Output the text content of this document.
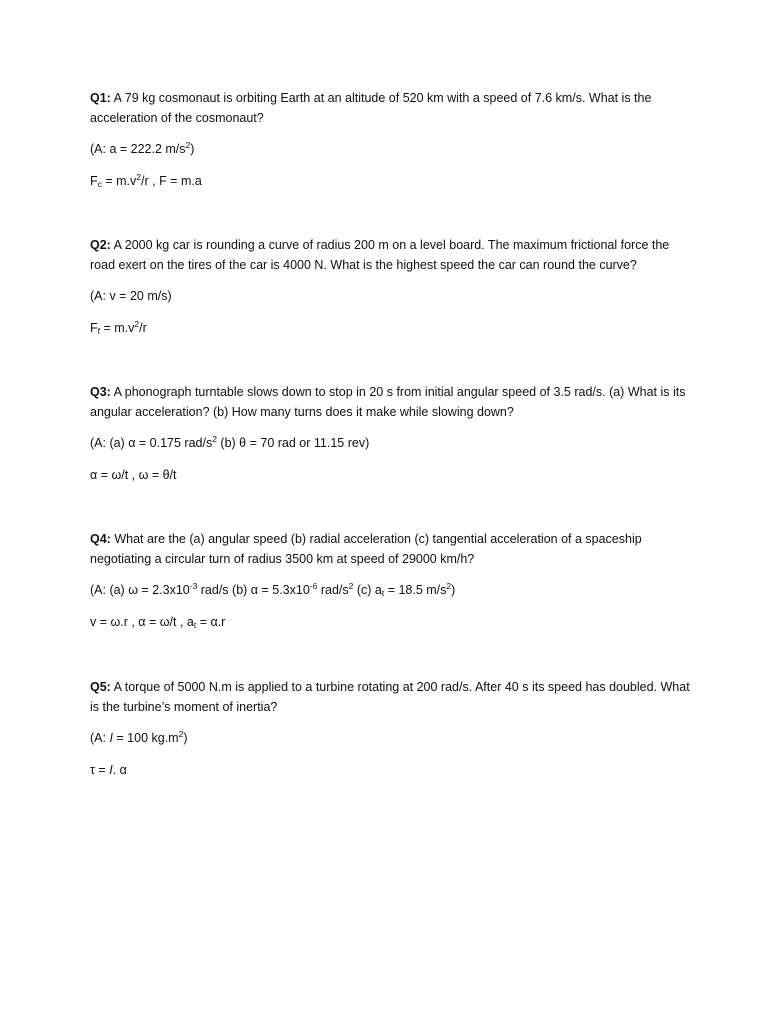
Q1: A 79 kg cosmonaut is orbiting Earth at an altitude of 520 km with a speed of 7.6 km/s. What is the acceleration of the cosmonaut?

(A: a = 222.2 $m/s^2$)

$F_c = m.v^2/r$ , F = m.a

Q2: A 2000 kg car is rounding a curve of radius 200 m on a level board. The maximum frictional force the road exert on the tires of the car is 4000 N. What is the highest speed the car can round the curve?

(A: v = 20 m/s)

$F_f = m.v^2/r$

Q3: A phonograph turntable slows down to stop in 20 s from initial angular speed of 3.5 rad/s. (a) What is its angular acceleration? (b) How many turns does it make while slowing down?

(A: (a) α = 0.175 rad/$s^2$ (b) θ = 70 rad or 11.15 rev)

α = ω/t , ω = θ/t

Q4: What are the (a) angular speed (b) radial acceleration (c) tangential acceleration of a spaceship negotiating a circular turn of radius 3500 km at speed of 29000 km/h?

(A: (a) $\omega = 2.3x10^{-3}$ rad/s (b) $\alpha = 5.3x10^{-6}$ rad/$s^2$ (c) $a_t = 18.5$ $m/s^2$)

v = ω.r , α = ω/t , $a_t = \alpha.r$

Q5: A torque of 5000 N.m is applied to a turbine rotating at 200 rad/s. After 40 s its speed has doubled. What is the turbine’s moment of inertia?

(A: I = 100 $kg.m^2$)

τ = I. α
